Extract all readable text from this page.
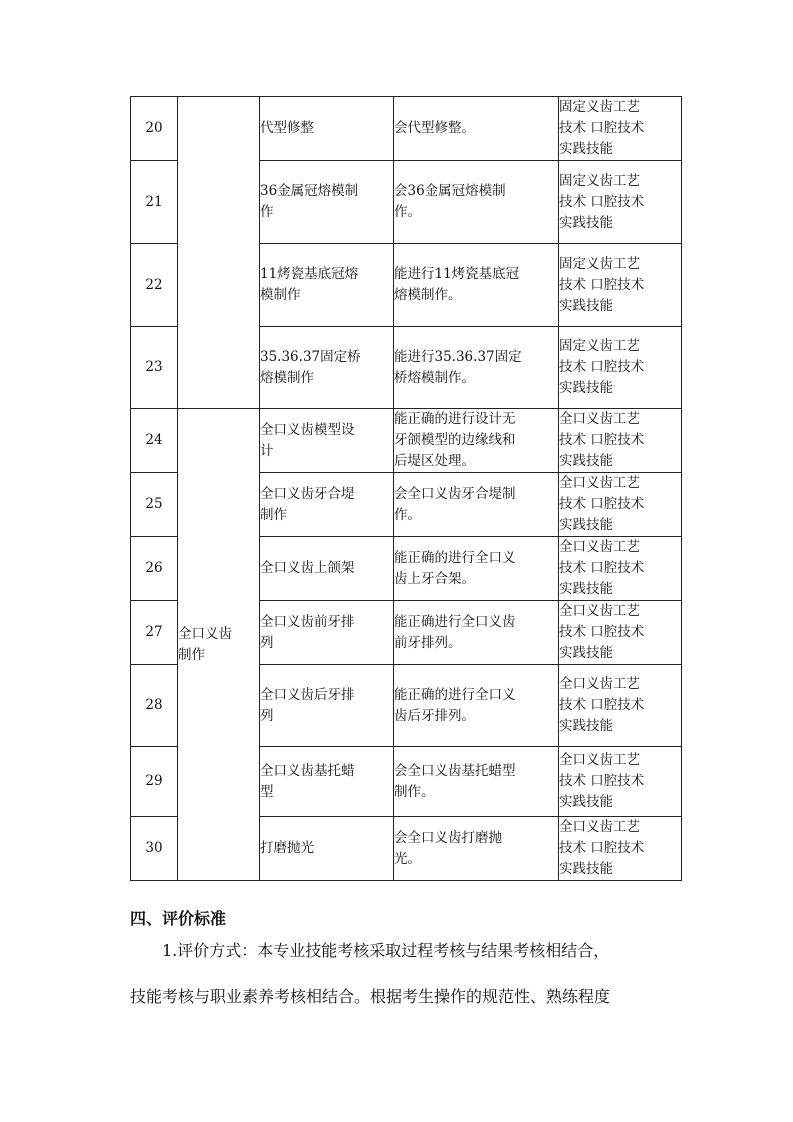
20		代型修整	会代型修整。	固定义齿工艺
技术 口腔技术
实践技能

21		36金属冠熔模制
作	会36金属冠熔模制
作。	固定义齿工艺
技术 口腔技术
实践技能

22		11烤瓷基底冠熔
模制作	能进行11烤瓷基底冠
熔模制作。	固定义齿工艺
技术 口腔技术
实践技能

23		35.36.37固定桥
熔模制作	能进行35.36.37固定
桥熔模制作。	固定义齿工艺
技术 口腔技术
实践技能

24	全口义齿
制作	全口义齿模型设
计	能正确的进行设计无
牙颌模型的边缘线和
后堤区处理。	全口义齿工艺
技术 口腔技术
实践技能

25		全口义齿牙合堤
制作	会全口义齿牙合堤制
作。	全口义齿工艺
技术 口腔技术
实践技能

26		全口义齿上颌架	能正确的进行全口义
齿上牙合架。	全口义齿工艺
技术 口腔技术
实践技能

27		全口义齿前牙排
列	能正确进行全口义齿
前牙排列。	全口义齿工艺
技术 口腔技术
实践技能

28		全口义齿后牙排
列	能正确的进行全口义
齿后牙排列。	全口义齿工艺
技术 口腔技术
实践技能

29		全口义齿基托蜡
型	会全口义齿基托蜡型
制作。	全口义齿工艺
技术 口腔技术
实践技能

30		打磨抛光	会全口义齿打磨抛
光。	全口义齿工艺
技术 口腔技术
实践技能
四、评价标准
1.评价方式：本专业技能考核采取过程考核与结果考核相结合，
技能考核与职业素养考核相结合。根据考生操作的规范性、熟练程度
